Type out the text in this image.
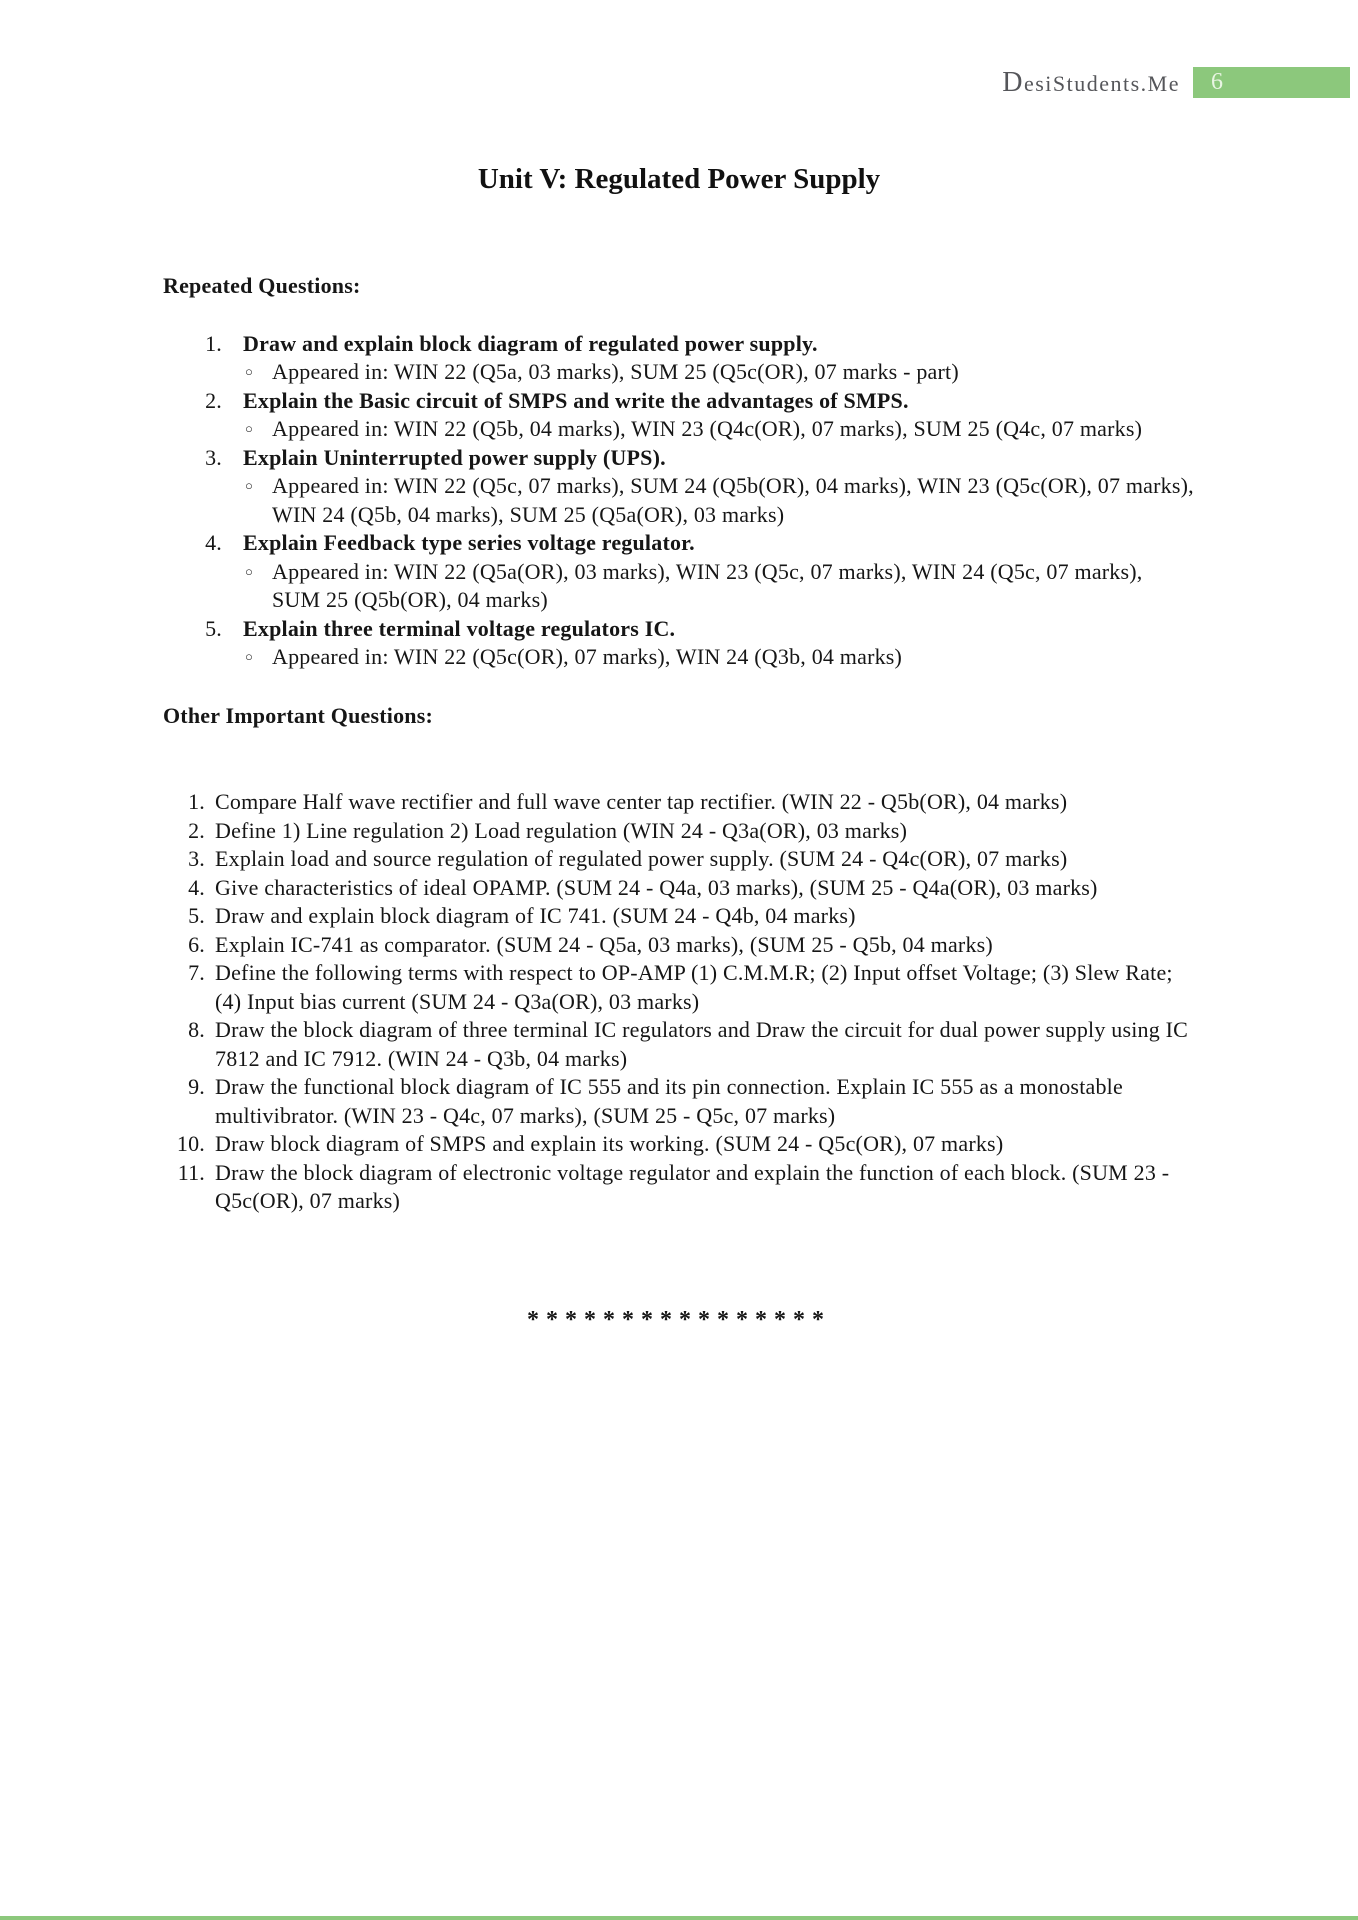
DesiStudents.Me 6
Unit V: Regulated Power Supply
Repeated Questions:
1. Draw and explain block diagram of regulated power supply.
○ Appeared in: WIN 22 (Q5a, 03 marks), SUM 25 (Q5c(OR), 07 marks - part)
2. Explain the Basic circuit of SMPS and write the advantages of SMPS.
○ Appeared in: WIN 22 (Q5b, 04 marks), WIN 23 (Q4c(OR), 07 marks), SUM 25 (Q4c, 07 marks)
3. Explain Uninterrupted power supply (UPS).
○ Appeared in: WIN 22 (Q5c, 07 marks), SUM 24 (Q5b(OR), 04 marks), WIN 23 (Q5c(OR), 07 marks), WIN 24 (Q5b, 04 marks), SUM 25 (Q5a(OR), 03 marks)
4. Explain Feedback type series voltage regulator.
○ Appeared in: WIN 22 (Q5a(OR), 03 marks), WIN 23 (Q5c, 07 marks), WIN 24 (Q5c, 07 marks), SUM 25 (Q5b(OR), 04 marks)
5. Explain three terminal voltage regulators IC.
○ Appeared in: WIN 22 (Q5c(OR), 07 marks), WIN 24 (Q3b, 04 marks)
Other Important Questions:
1. Compare Half wave rectifier and full wave center tap rectifier. (WIN 22 - Q5b(OR), 04 marks)
2. Define 1) Line regulation 2) Load regulation (WIN 24 - Q3a(OR), 03 marks)
3. Explain load and source regulation of regulated power supply. (SUM 24 - Q4c(OR), 07 marks)
4. Give characteristics of ideal OPAMP. (SUM 24 - Q4a, 03 marks), (SUM 25 - Q4a(OR), 03 marks)
5. Draw and explain block diagram of IC 741. (SUM 24 - Q4b, 04 marks)
6. Explain IC-741 as comparator. (SUM 24 - Q5a, 03 marks), (SUM 25 - Q5b, 04 marks)
7. Define the following terms with respect to OP-AMP (1) C.M.M.R; (2) Input offset Voltage; (3) Slew Rate; (4) Input bias current (SUM 24 - Q3a(OR), 03 marks)
8. Draw the block diagram of three terminal IC regulators and Draw the circuit for dual power supply using IC 7812 and IC 7912. (WIN 24 - Q3b, 04 marks)
9. Draw the functional block diagram of IC 555 and its pin connection. Explain IC 555 as a monostable multivibrator. (WIN 23 - Q4c, 07 marks), (SUM 25 - Q5c, 07 marks)
10. Draw block diagram of SMPS and explain its working. (SUM 24 - Q5c(OR), 07 marks)
11. Draw the block diagram of electronic voltage regulator and explain the function of each block. (SUM 23 - Q5c(OR), 07 marks)
****************
